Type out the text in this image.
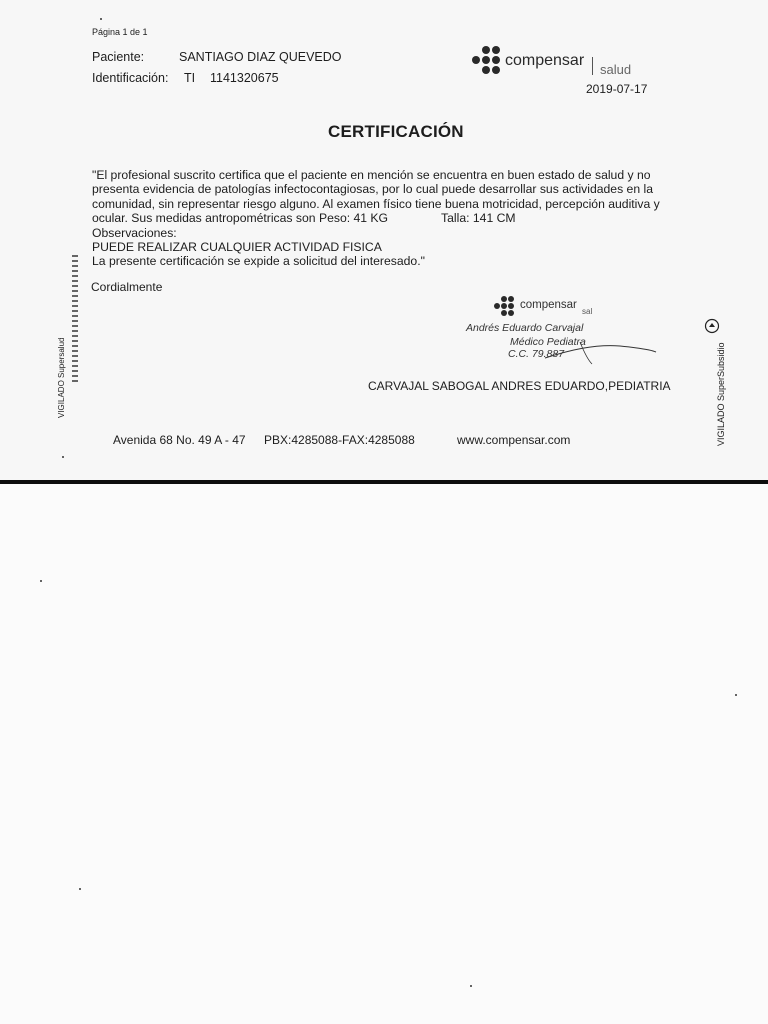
Página 1 de 1
Paciente:	SANTIAGO DIAZ QUEVEDO
Identificación: TI 1141320675
compensar
salud
2019-07-17
CERTIFICACIÓN
"El profesional suscrito certifica que el paciente en mención se encuentra en buen estado de salud y no
presenta evidencia de patologías infectocontagiosas, por lo cual puede desarrollar sus actividades en la
comunidad, sin representar riesgo alguno. Al examen físico tiene buena motricidad, percepción auditiva y
ocular. Sus medidas antropométricas son Peso: 41 KG	Talla: 141 CM
Observaciones:
PUEDE REALIZAR CUALQUIER ACTIVIDAD FISICA
La presente certificación se expide a solicitud del interesado."
Cordialmente
compensar
sal
Andrés Eduardo Carvajal
Médico Pediatra
C.C. 79.887
CARVAJAL SABOGAL ANDRES EDUARDO,PEDIATRIA
Avenida 68 No. 49 A - 47 PBX:4285088-FAX:4285088	www.compensar.com
VIGILADO Supersalud	VIGILADO SuperSubsidio
